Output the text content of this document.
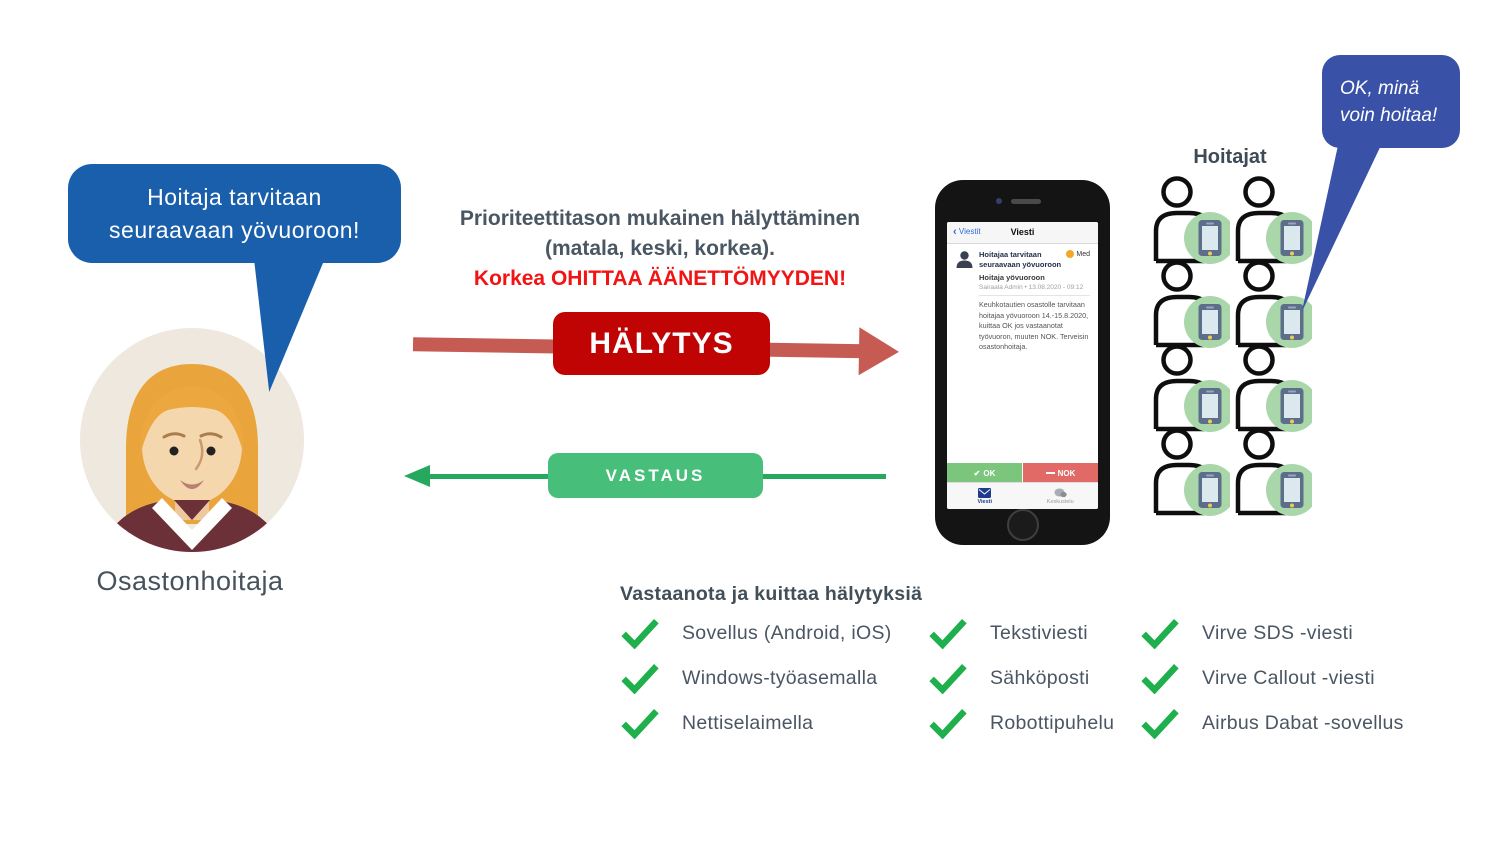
Hoitaja tarvitaan
seuraavaan yövuoroon!
Osastonhoitaja
Prioriteettitason mukainen hälyttäminen
(matala, keski, korkea).
Korkea OHITTAA ÄÄNETTÖMYYDEN!
HÄLYTYS
VASTAUS
‹ Viestit	Viesti
Hoitajaa tarvitaan seuraavaan yövuoroon
Med
Hoitaja yövuoroon
Sairaala Admin • 13.08.2020 - 09:12
Keuhkotautien osastolle tarvitaan hoitajaa yövuoroon 14.-15.8.2020, kuittaa OK jos vastaanotat työvuoron, muuten NOK. Terveisin osastonhoitaja.
✔ OK	NOK
Viesti	Keskustelu
Hoitajat
OK, minä
voin hoitaa!
Vastaanota ja kuittaa hälytyksiä
Sovellus (Android, iOS)
Windows-työasemalla
Nettiselaimella
Tekstiviesti
Sähköposti
Robottipuhelu
Virve SDS -viesti
Virve Callout -viesti
Airbus Dabat -sovellus
